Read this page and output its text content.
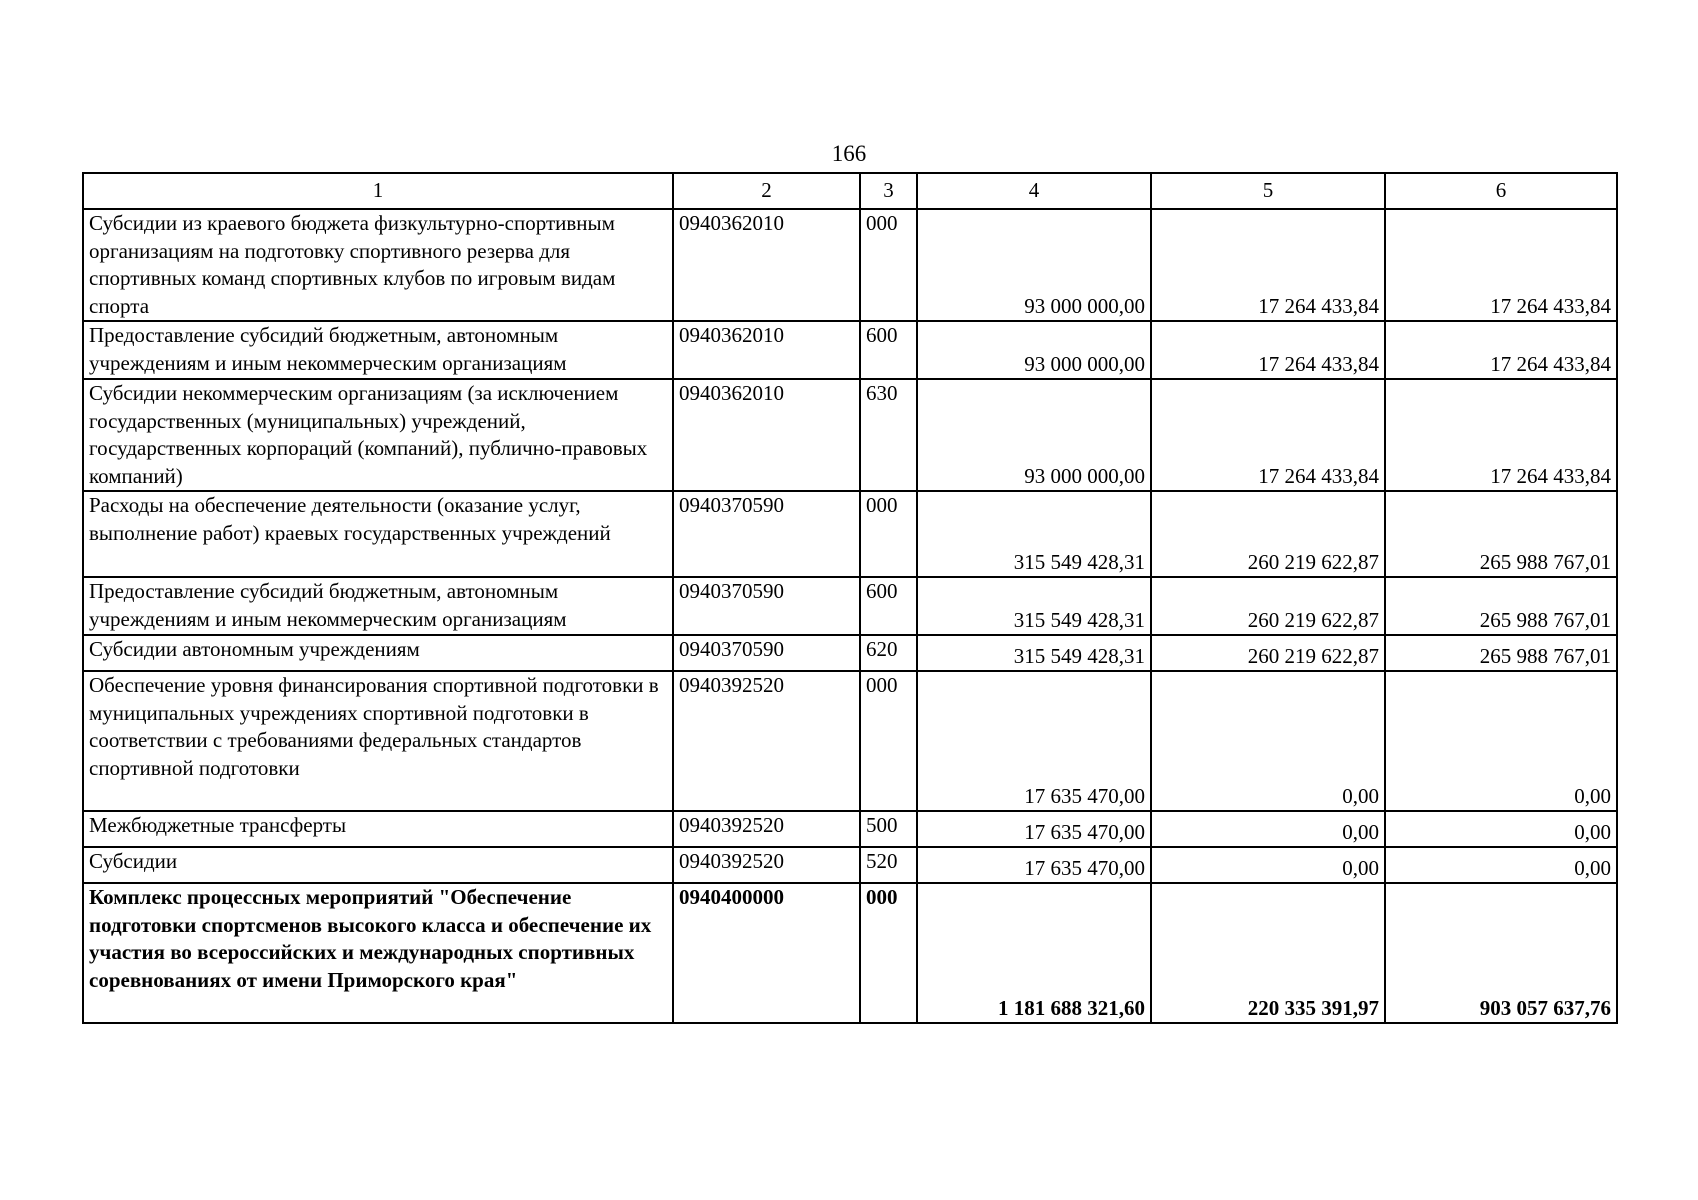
166
1	2	3	4	5	6
Субсидии из краевого бюджета физкультурно-спортивным организациям на подготовку спортивного резерва для спортивных команд спортивных клубов по игровым видам спорта	0940362010	000	93 000 000,00	17 264 433,84	17 264 433,84
Предоставление субсидий бюджетным, автономным учреждениям и иным некоммерческим организациям	0940362010	600	93 000 000,00	17 264 433,84	17 264 433,84
Субсидии некоммерческим организациям (за исключением государственных (муниципальных) учреждений, государственных корпораций (компаний), публично-правовых компаний)	0940362010	630	93 000 000,00	17 264 433,84	17 264 433,84
Расходы на обеспечение деятельности (оказание услуг, выполнение работ) краевых государственных учреждений	0940370590	000	315 549 428,31	260 219 622,87	265 988 767,01
Предоставление субсидий бюджетным, автономным учреждениям и иным некоммерческим организациям	0940370590	600	315 549 428,31	260 219 622,87	265 988 767,01
Субсидии автономным учреждениям	0940370590	620	315 549 428,31	260 219 622,87	265 988 767,01
Обеспечение уровня финансирования спортивной подготовки в муниципальных учреждениях спортивной подготовки в соответствии с требованиями федеральных стандартов спортивной подготовки	0940392520	000	17 635 470,00	0,00	0,00
Межбюджетные трансферты	0940392520	500	17 635 470,00	0,00	0,00
Субсидии	0940392520	520	17 635 470,00	0,00	0,00
Комплекс процессных мероприятий "Обеспечение подготовки спортсменов высокого класса и обеспечение их участия во всероссийских и международных спортивных соревнованиях от имени Приморского края"	0940400000	000	1 181 688 321,60	220 335 391,97	903 057 637,76
